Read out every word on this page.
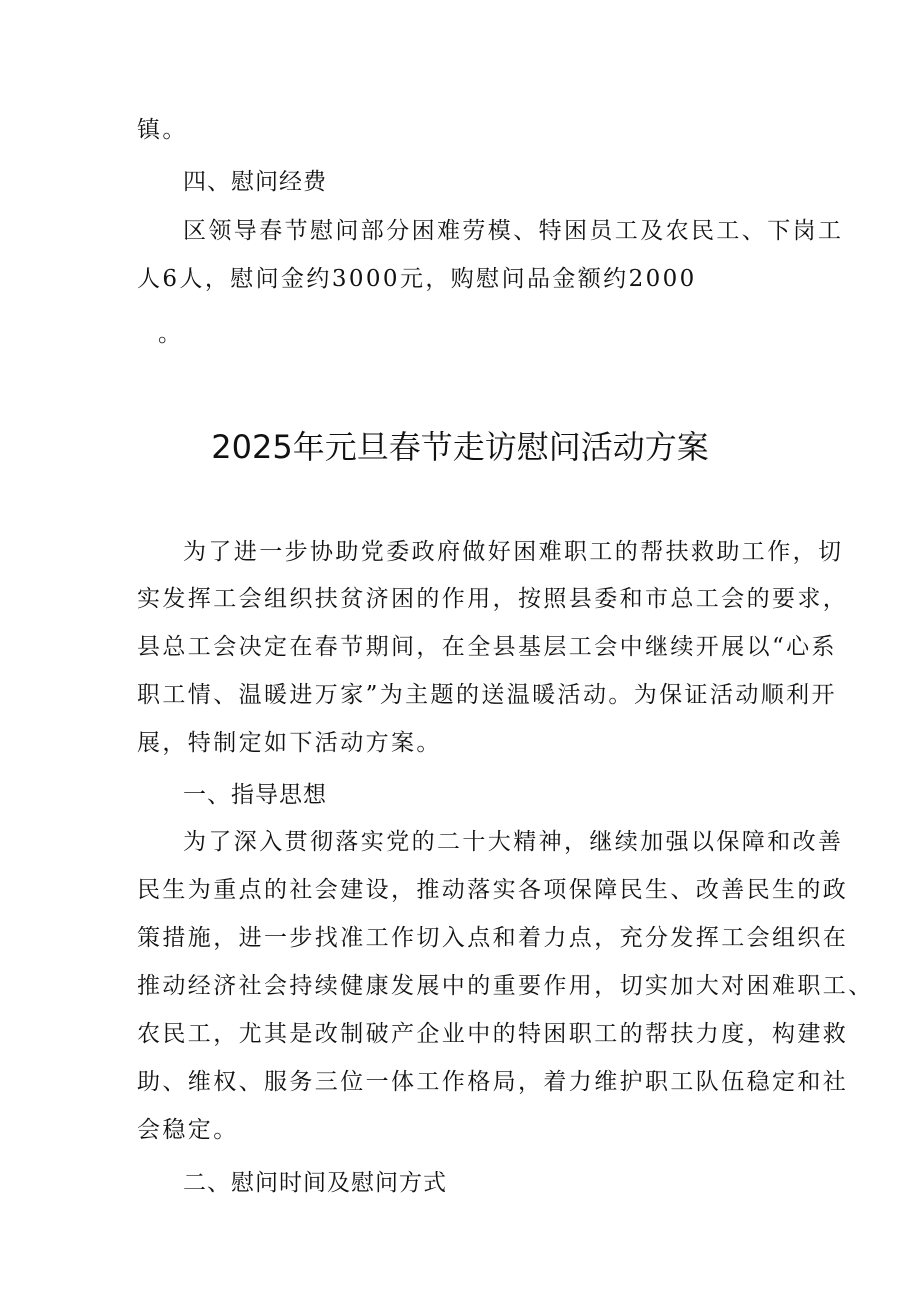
镇。
四、慰问经费
区领导春节慰问部分困难劳模、特困员工及农民工、下岗工
人6人，慰问金约3000元，购慰问品金额约2000
。
2025年元旦春节走访慰问活动方案
为了进一步协助党委政府做好困难职工的帮扶救助工作，切
实发挥工会组织扶贫济困的作用，按照县委和市总工会的要求，
县总工会决定在春节期间，在全县基层工会中继续开展以“心系
职工情、温暖进万家”为主题的送温暖活动。为保证活动顺利开
展，特制定如下活动方案。
一、指导思想
为了深入贯彻落实党的二十大精神，继续加强以保障和改善
民生为重点的社会建设，推动落实各项保障民生、改善民生的政
策措施，进一步找准工作切入点和着力点，充分发挥工会组织在
推动经济社会持续健康发展中的重要作用，切实加大对困难职工、
农民工，尤其是改制破产企业中的特困职工的帮扶力度，构建救
助、维权、服务三位一体工作格局，着力维护职工队伍稳定和社
会稳定。
二、慰问时间及慰问方式
